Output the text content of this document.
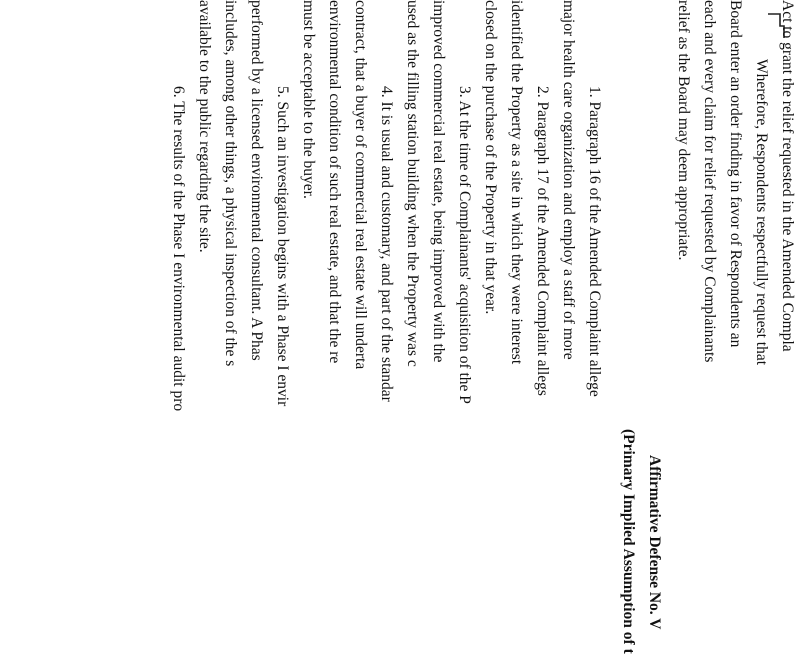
Act to grant the relief requested in the Amended Compla
Wherefore, Respondents respectfully request that
Board enter an order finding in favor of Respondents an
each and every claim for relief requested by Complainants
relief as the Board may deem appropriate.
Affirmative Defense No. V
(Primary Implied Assumption of t
1. Paragraph 16 of the Amended Complaint allege
major health care organization and employ a staff of more
2. Paragraph 17 of the Amended Complaint allegs
identified the Property as a site in which they were interest
closed on the purchase of the Property in that year.
3. At the time of Complainants' acquisition of the P
improved commercial real estate, being improved with the
used as the filling station building when the Property was c
4. It is usual and customary, and part of the standar
contract, that a buyer of commercial real estate will underta
environmental condition of such real estate, and that the re
must be acceptable to the buyer.
5. Such an investigation begins with a Phase I envir
performed by a licensed environmental consultant. A Phas
includes, among other things, a physical inspection of the s
available to the public regarding the site.
6. The results of the Phase I environmental audit pro
